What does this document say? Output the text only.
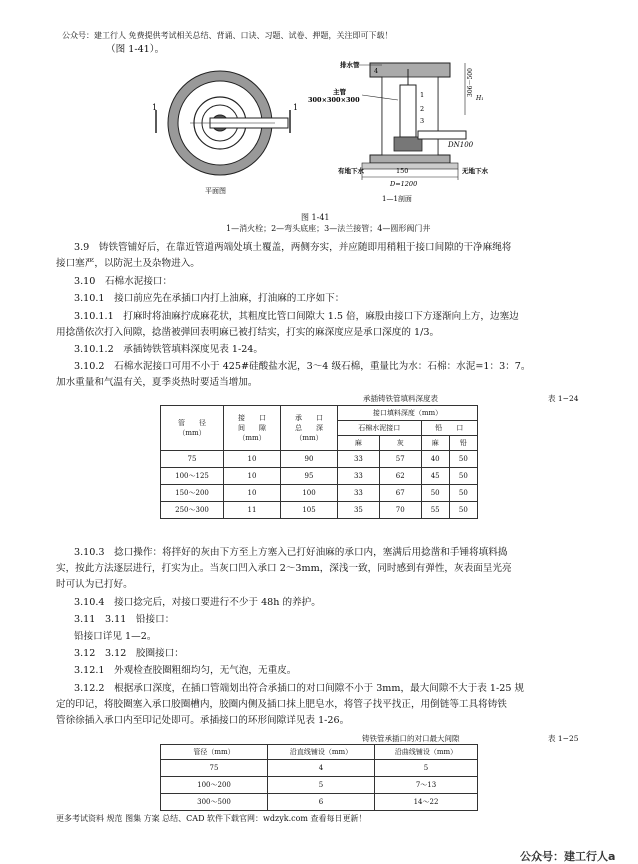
公众号：建工行人 免费提供考试相关总结、背诵、口诀、习题、试卷、押题，关注即可下载！
（图 1-41）。
1	1
平面图
排水管
主管
300×300×300
4
1
2
3
DN100
有地下水	无地下水
150
D=1200
306～500
H₁
1—1剖面
图 1-41
1—消火栓；2—弯头底座；3—法兰接管；4—圆形阀门井
3.9　铸铁管铺好后，在靠近管道两端处填土覆盖，两侧夯实，并应随即用稍粗于接口间隙的干净麻绳将
接口塞严，以防泥土及杂物进入。
3.10　石棉水泥接口：
3.10.1　接口前应先在承插口内打上油麻，打油麻的工序如下：
3.10.1.1　打麻时将油麻拧成麻花状，其粗度比管口间隙大 1.5 倍，麻股由接口下方逐渐向上方，边塞边
用捻凿依次打入间隙，捻凿被弹回表明麻已被打结实，打实的麻深度应是承口深度的 1/3。
3.10.1.2　承插铸铁管填料深度见表 1-24。
3.10.2　石棉水泥接口可用不小于 425#硅酸盐水泥，3～4 级石棉，重量比为水：石棉：水泥=1：3：7。
加水重量和气温有关，夏季炎热时要适当增加。
承插铸铁管填料深度表	表 1−24
管　　径
（mm）	接　　口
间　　隙
（mm）	承　　口
总　　深
（mm）	接口填料深度（mm）			
			石棉水泥接口		铅　　口	
			麻	灰	麻	铅
75	10	90	33	57	40	50
100～125	10	95	33	62	45	50
150～200	10	100	33	67	50	50
250～300	11	105	35	70	55	50
3.10.3　捻口操作：将拌好的灰由下方至上方塞入已打好油麻的承口内，塞满后用捻凿和手锤将填料捣
实，按此方法逐层进行，打实为止。当灰口凹入承口 2～3mm，深浅一致，同时感到有弹性，灰表面呈光亮
时可认为已打好。
3.10.4　接口捻完后，对接口要进行不少于 48h 的养护。
3.11　3.11　铅接口：
铅接口详见 1—2。
3.12　3.12　胶圈接口：
3.12.1　外观检查胶圈粗细均匀，无气泡，无重皮。
3.12.2　根据承口深度，在插口管端划出符合承插口的对口间隙不小于 3mm，最大间隙不大于表 1-25 规
定的印记，将胶圈塞入承口胶圈槽内，胶圈内侧及插口抹上肥皂水，将管子找平找正，用倒链等工具将铸铁
管徐徐插入承口内至印记处即可。承插接口的环形间隙详见表 1-26。
铸铁管承插口的对口最大间隙	表 1−25
管径（mm）	沿直线铺设（mm）	沿曲线铺设（mm）
75	4	5
100～200	5	7～13
300～500	6	14～22
更多考试资料 规范 图集 方案 总结、CAD 软件下载官网：wdzyk.com 查看每日更新！
公众号：建工行人a
